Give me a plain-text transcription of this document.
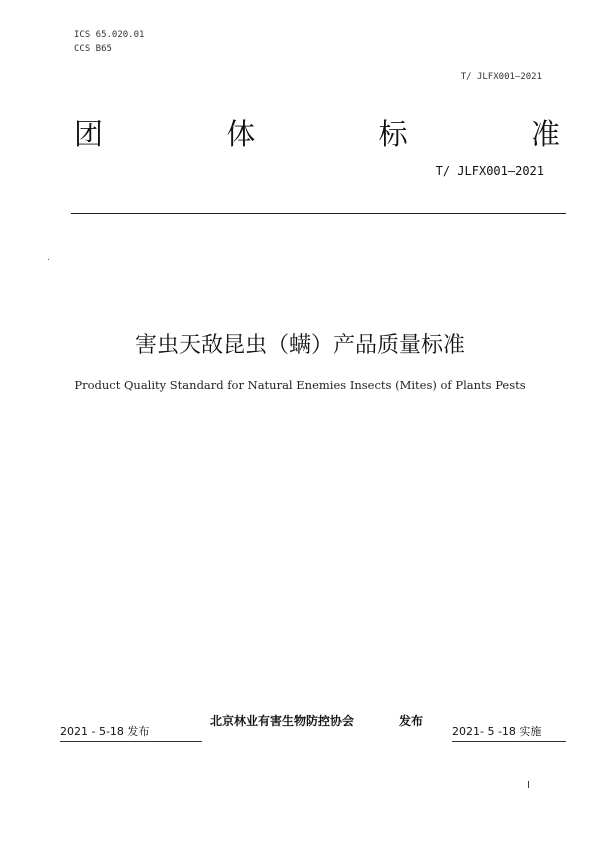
ICS 65.020.01
CCS B65
T/ JLFX001—2021
团	体	标	准
T/ JLFX001—2021
害虫天敌昆虫（螨）产品质量标准
Product Quality Standard for Natural Enemies Insects (Mites) of Plants Pests
2021 - 5-18 发布
北京林业有害生物防控协会	发布
2021- 5 -18 实施
I
